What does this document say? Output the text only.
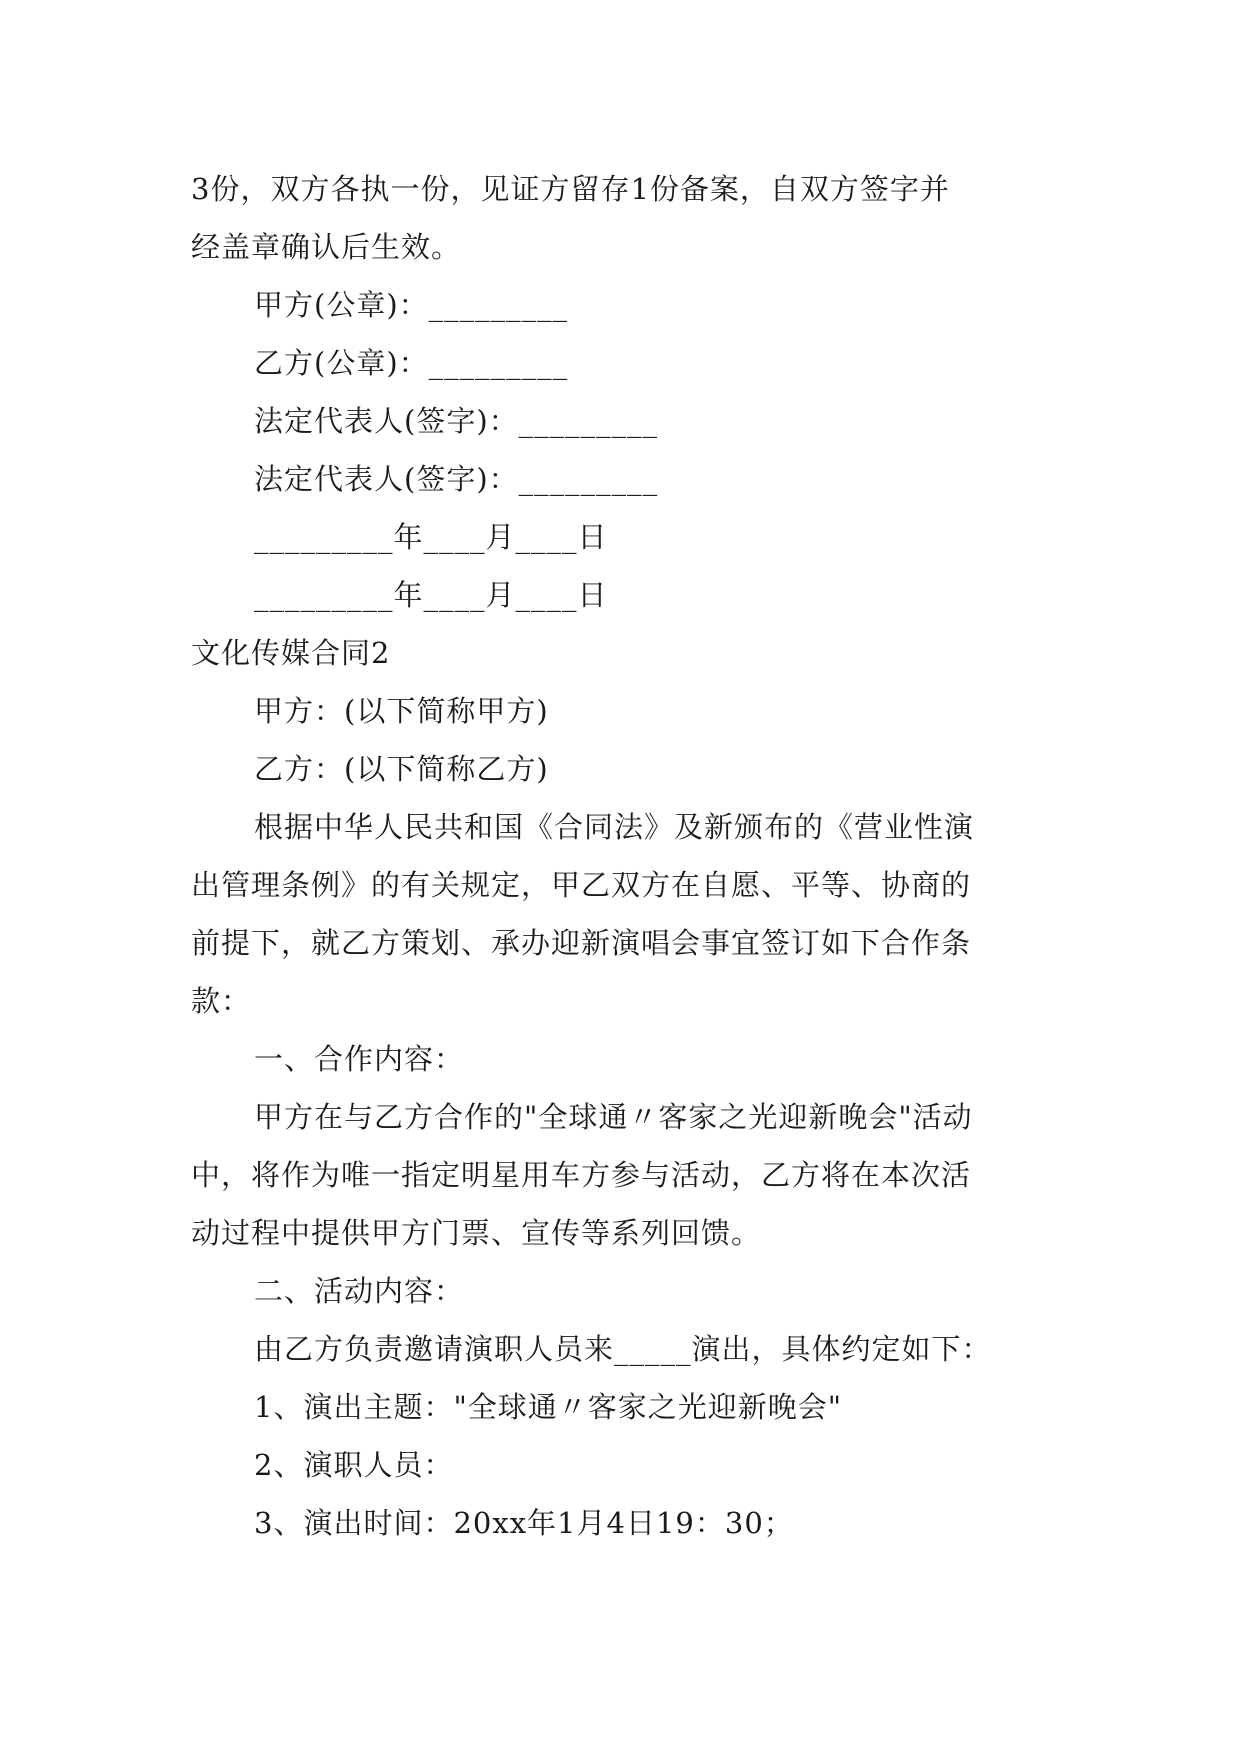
3份，双方各执一份，见证方留存1份备案，自双方签字并
经盖章确认后生效。
甲方(公章)：_________
乙方(公章)：_________
法定代表人(签字)：_________
法定代表人(签字)：_________
_________年____月____日
_________年____月____日
文化传媒合同2
甲方：(以下简称甲方)
乙方：(以下简称乙方)
根据中华人民共和国《合同法》及新颁布的《营业性演
出管理条例》的有关规定，甲乙双方在自愿、平等、协商的
前提下，就乙方策划、承办迎新演唱会事宜签订如下合作条
款：
一、合作内容：
甲方在与乙方合作的"全球通〃客家之光迎新晚会"活动
中，将作为唯一指定明星用车方参与活动，乙方将在本次活
动过程中提供甲方门票、宣传等系列回馈。
二、活动内容：
由乙方负责邀请演职人员来_____演出，具体约定如下：
1、演出主题："全球通〃客家之光迎新晚会"
2、演职人员：
3、演出时间：20xx年1月4日19：30；
